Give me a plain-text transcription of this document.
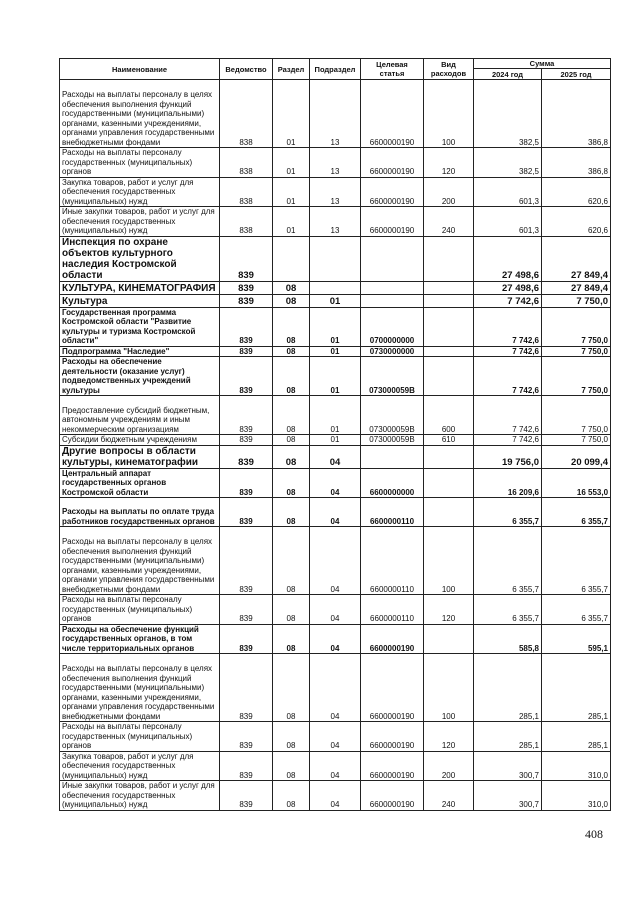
Наименование	Ведомство	Раздел	Подраздел	Целевая статья	Вид расходов	Сумма	
						2024 год	2025 год
Расходы на выплаты персоналу в целях обеспечения выполнения функций государственными (муниципальными) органами, казенными учреждениями, органами управления государственными внебюджетными фондами	838	01	13	6600000190	100	382,5	386,8
Расходы на выплаты персоналу государственных (муниципальных) органов	838	01	13	6600000190	120	382,5	386,8
Закупка товаров, работ и услуг для обеспечения государственных (муниципальных) нужд	838	01	13	6600000190	200	601,3	620,6
Иные закупки товаров, работ и услуг для обеспечения государственных (муниципальных) нужд	838	01	13	6600000190	240	601,3	620,6
Инспекция по охране объектов культурного наследия Костромской области	839					27 498,6	27 849,4
КУЛЬТУРА, КИНЕМАТОГРАФИЯ	839	08				27 498,6	27 849,4
Культура	839	08	01			7 742,6	7 750,0
Государственная программа Костромской области "Развитие культуры и туризма Костромской области"	839	08	01	0700000000		7 742,6	7 750,0
Подпрограмма "Наследие"	839	08	01	0730000000		7 742,6	7 750,0
Расходы на обеспечение деятельности (оказание услуг) подведомственных учреждений культуры	839	08	01	073000059В		7 742,6	7 750,0
Предоставление субсидий бюджетным, автономным учреждениям и иным некоммерческим организациям	839	08	01	073000059В	600	7 742,6	7 750,0
Субсидии бюджетным учреждениям	839	08	01	073000059В	610	7 742,6	7 750,0
Другие вопросы в области культуры, кинематографии	839	08	04			19 756,0	20 099,4
Центральный аппарат государственных органов Костромской области	839	08	04	6600000000		16 209,6	16 553,0
Расходы на выплаты по оплате труда работников государственных органов	839	08	04	6600000110		6 355,7	6 355,7
Расходы на выплаты персоналу в целях обеспечения выполнения функций государственными (муниципальными) органами, казенными учреждениями, органами управления государственными внебюджетными фондами	839	08	04	6600000110	100	6 355,7	6 355,7
Расходы на выплаты персоналу государственных (муниципальных) органов	839	08	04	6600000110	120	6 355,7	6 355,7
Расходы на обеспечение функций государственных органов, в том числе территориальных органов	839	08	04	6600000190		585,8	595,1
Расходы на выплаты персоналу в целях обеспечения выполнения функций государственными (муниципальными) органами, казенными учреждениями, органами управления государственными внебюджетными фондами	839	08	04	6600000190	100	285,1	285,1
Расходы на выплаты персоналу государственных (муниципальных) органов	839	08	04	6600000190	120	285,1	285,1
Закупка товаров, работ и услуг для обеспечения государственных (муниципальных) нужд	839	08	04	6600000190	200	300,7	310,0
Иные закупки товаров, работ и услуг для обеспечения государственных (муниципальных) нужд	839	08	04	6600000190	240	300,7	310,0
408
